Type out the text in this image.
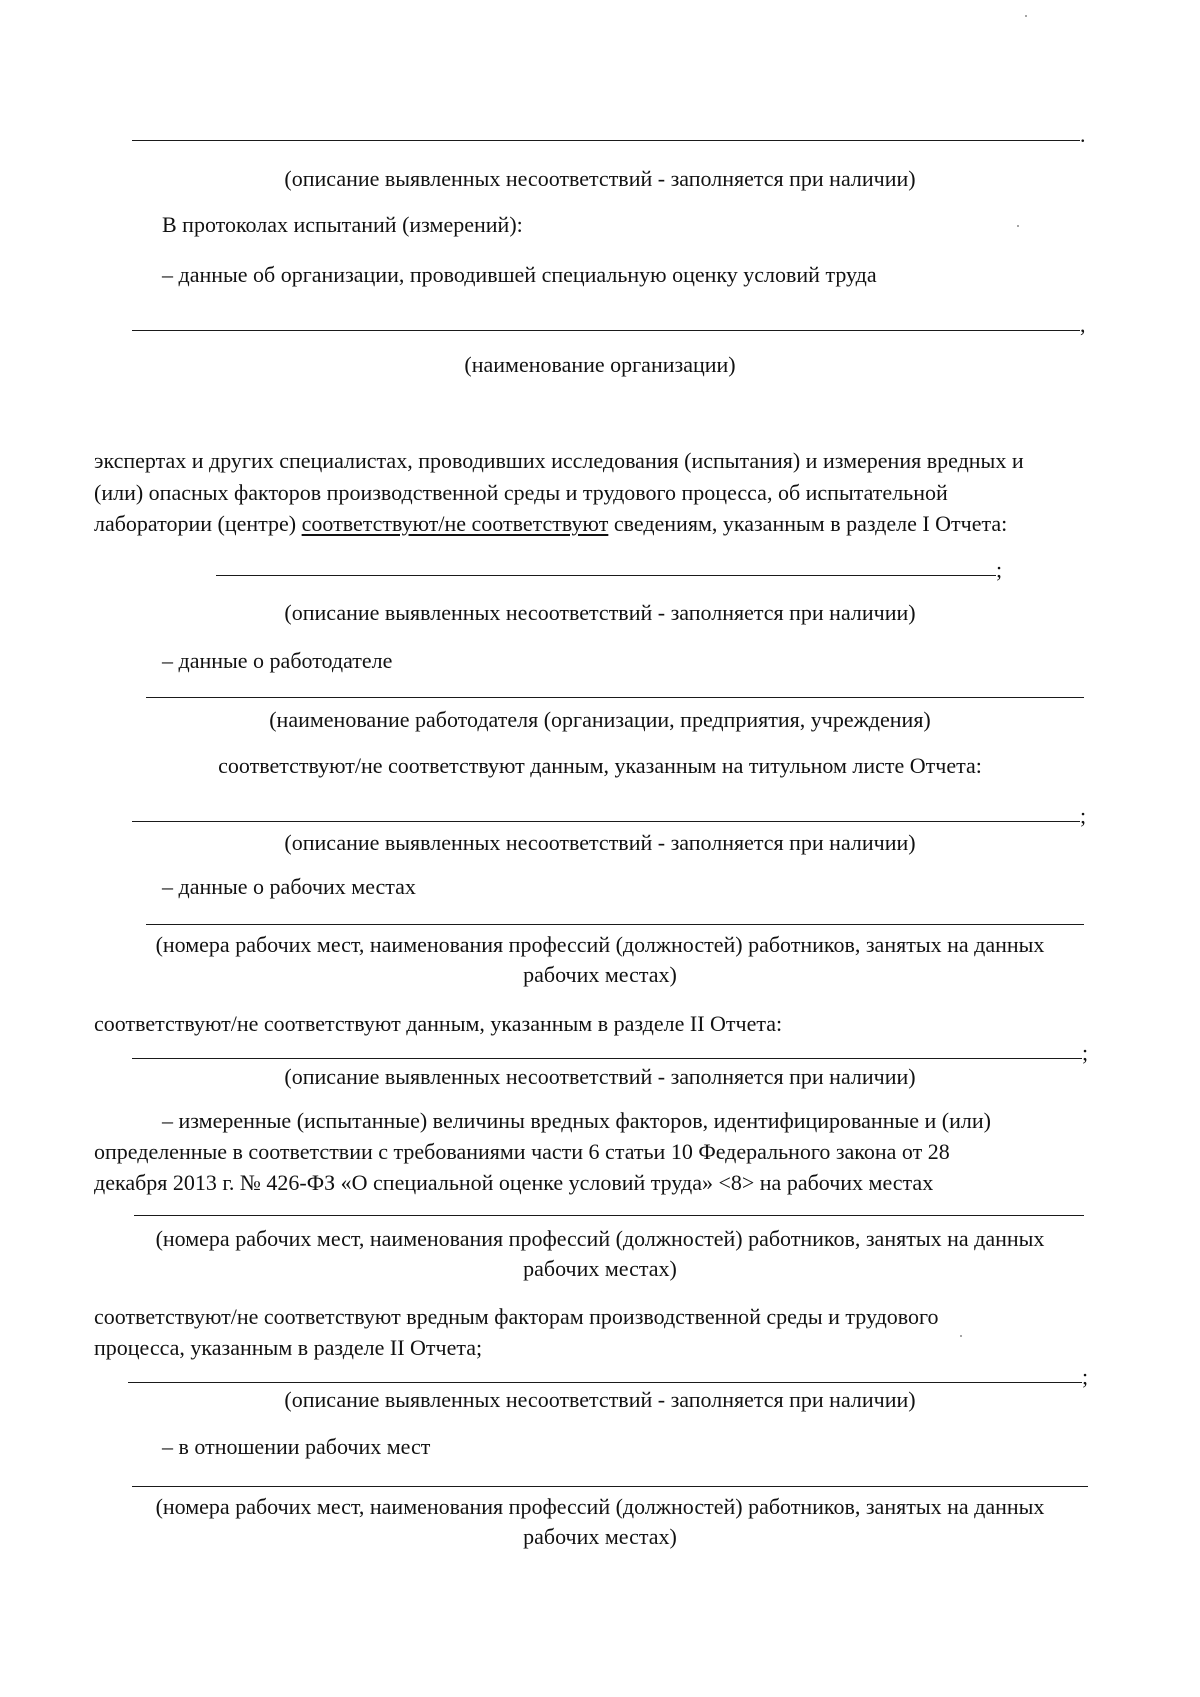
.

(описание выявленных несоответствий - заполняется при наличии)

В протоколах испытаний (измерений):

– данные об организации, проводившей специальную оценку условий труда

,

(наименование организации)

экспертах и других специалистах, проводивших исследования (испытания) и измерения вредных и

(или) опасных факторов производственной среды и трудового процесса, об испытательной

лаборатории (центре) соответствуют/не соответствуют сведениям, указанным в разделе I Отчета:

;

(описание выявленных несоответствий - заполняется при наличии)

– данные о работодателе

(наименование работодателя (организации, предприятия, учреждения)

соответствуют/не соответствуют данным, указанным на титульном листе Отчета:

;

(описание выявленных несоответствий - заполняется при наличии)

– данные о рабочих местах

(номера рабочих мест, наименования профессий (должностей) работников, занятых на данных

рабочих местах)

соответствуют/не соответствуют данным, указанным в разделе II Отчета:

;

(описание выявленных несоответствий - заполняется при наличии)

– измеренные (испытанные) величины вредных факторов, идентифицированные и (или)

определенные в соответствии с требованиями части 6 статьи 10 Федерального закона от 28

декабря 2013 г. № 426-ФЗ «О специальной оценке условий труда» <8> на рабочих местах

(номера рабочих мест, наименования профессий (должностей) работников, занятых на данных

рабочих местах)

соответствуют/не соответствуют вредным факторам производственной среды и трудового

процесса, указанным в разделе II Отчета;

;

(описание выявленных несоответствий - заполняется при наличии)

– в отношении рабочих мест

(номера рабочих мест, наименования профессий (должностей) работников, занятых на данных

рабочих местах)
